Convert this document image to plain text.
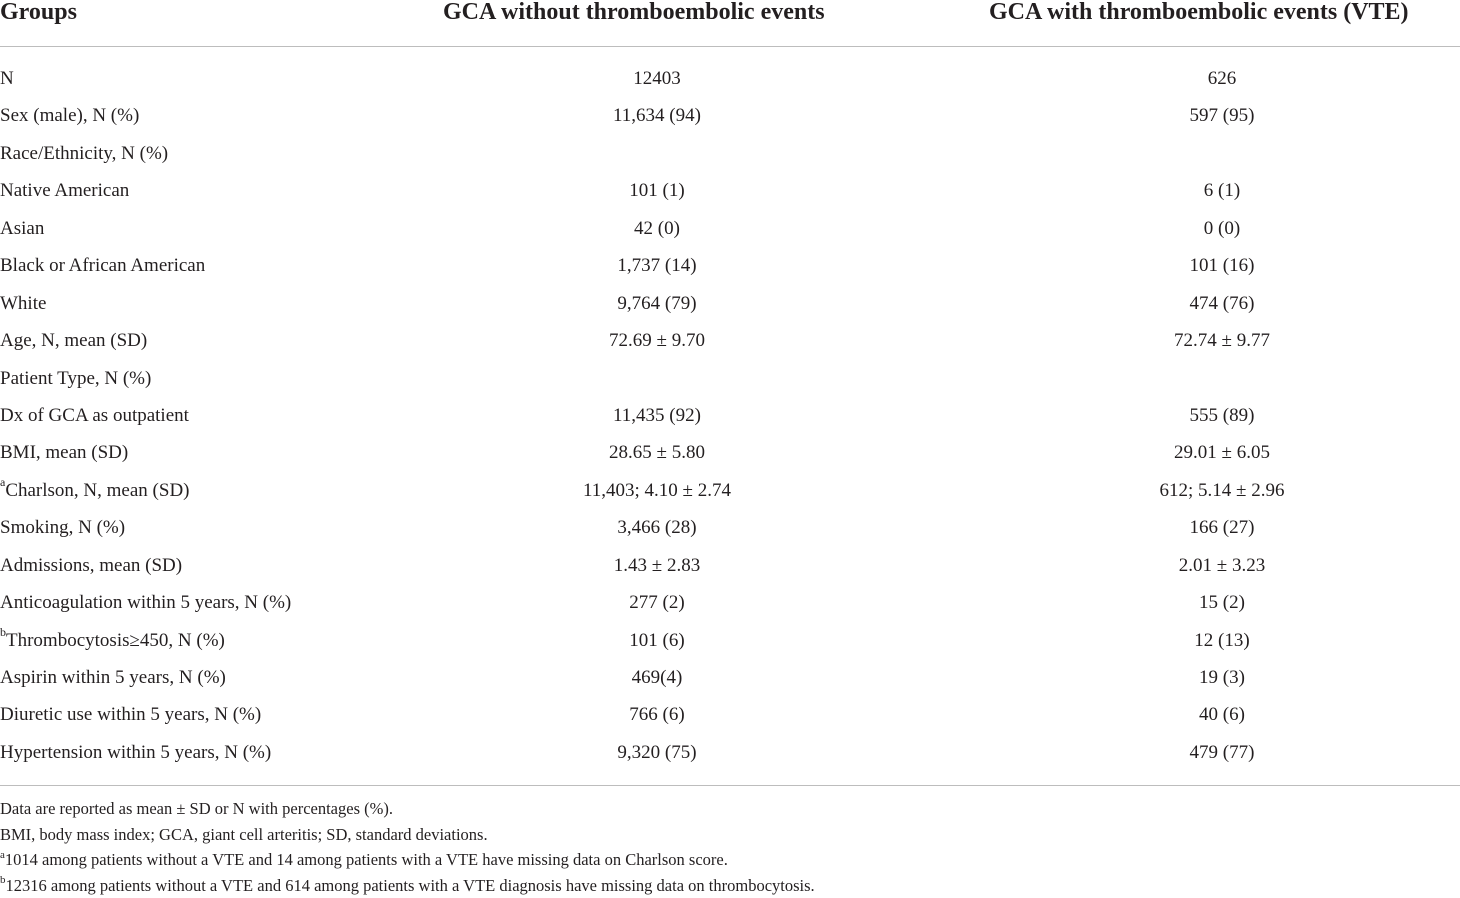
Groups	GCA without thromboembolic events	GCA with thromboembolic events (VTE)
N	12403	626
Sex (male), N (%)	11,634 (94)	597 (95)
Race/Ethnicity, N (%)
Native American	101 (1)	6 (1)
Asian	42 (0)	0 (0)
Black or African American	1,737 (14)	101 (16)
White	9,764 (79)	474 (76)
Age, N, mean (SD)	72.69 ± 9.70	72.74 ± 9.77
Patient Type, N (%)
Dx of GCA as outpatient	11,435 (92)	555 (89)
BMI, mean (SD)	28.65 ± 5.80	29.01 ± 6.05
$^a$Charlson, N, mean (SD)	11,403; 4.10 ± 2.74	612; 5.14 ± 2.96
Smoking, N (%)	3,466 (28)	166 (27)
Admissions, mean (SD)	1.43 ± 2.83	2.01 ± 3.23
Anticoagulation within 5 years, N (%)	277 (2)	15 (2)
$^b$Thrombocytosis≥450, N (%)	101 (6)	12 (13)
Aspirin within 5 years, N (%)	469(4)	19 (3)
Diuretic use within 5 years, N (%)	766 (6)	40 (6)
Hypertension within 5 years, N (%)	9,320 (75)	479 (77)
Data are reported as mean ± SD or N with percentages (%).
BMI, body mass index; GCA, giant cell arteritis; SD, standard deviations.
$^a$1014 among patients without a VTE and 14 among patients with a VTE have missing data on Charlson score.
$^b$12316 among patients without a VTE and 614 among patients with a VTE diagnosis have missing data on thrombocytosis.
